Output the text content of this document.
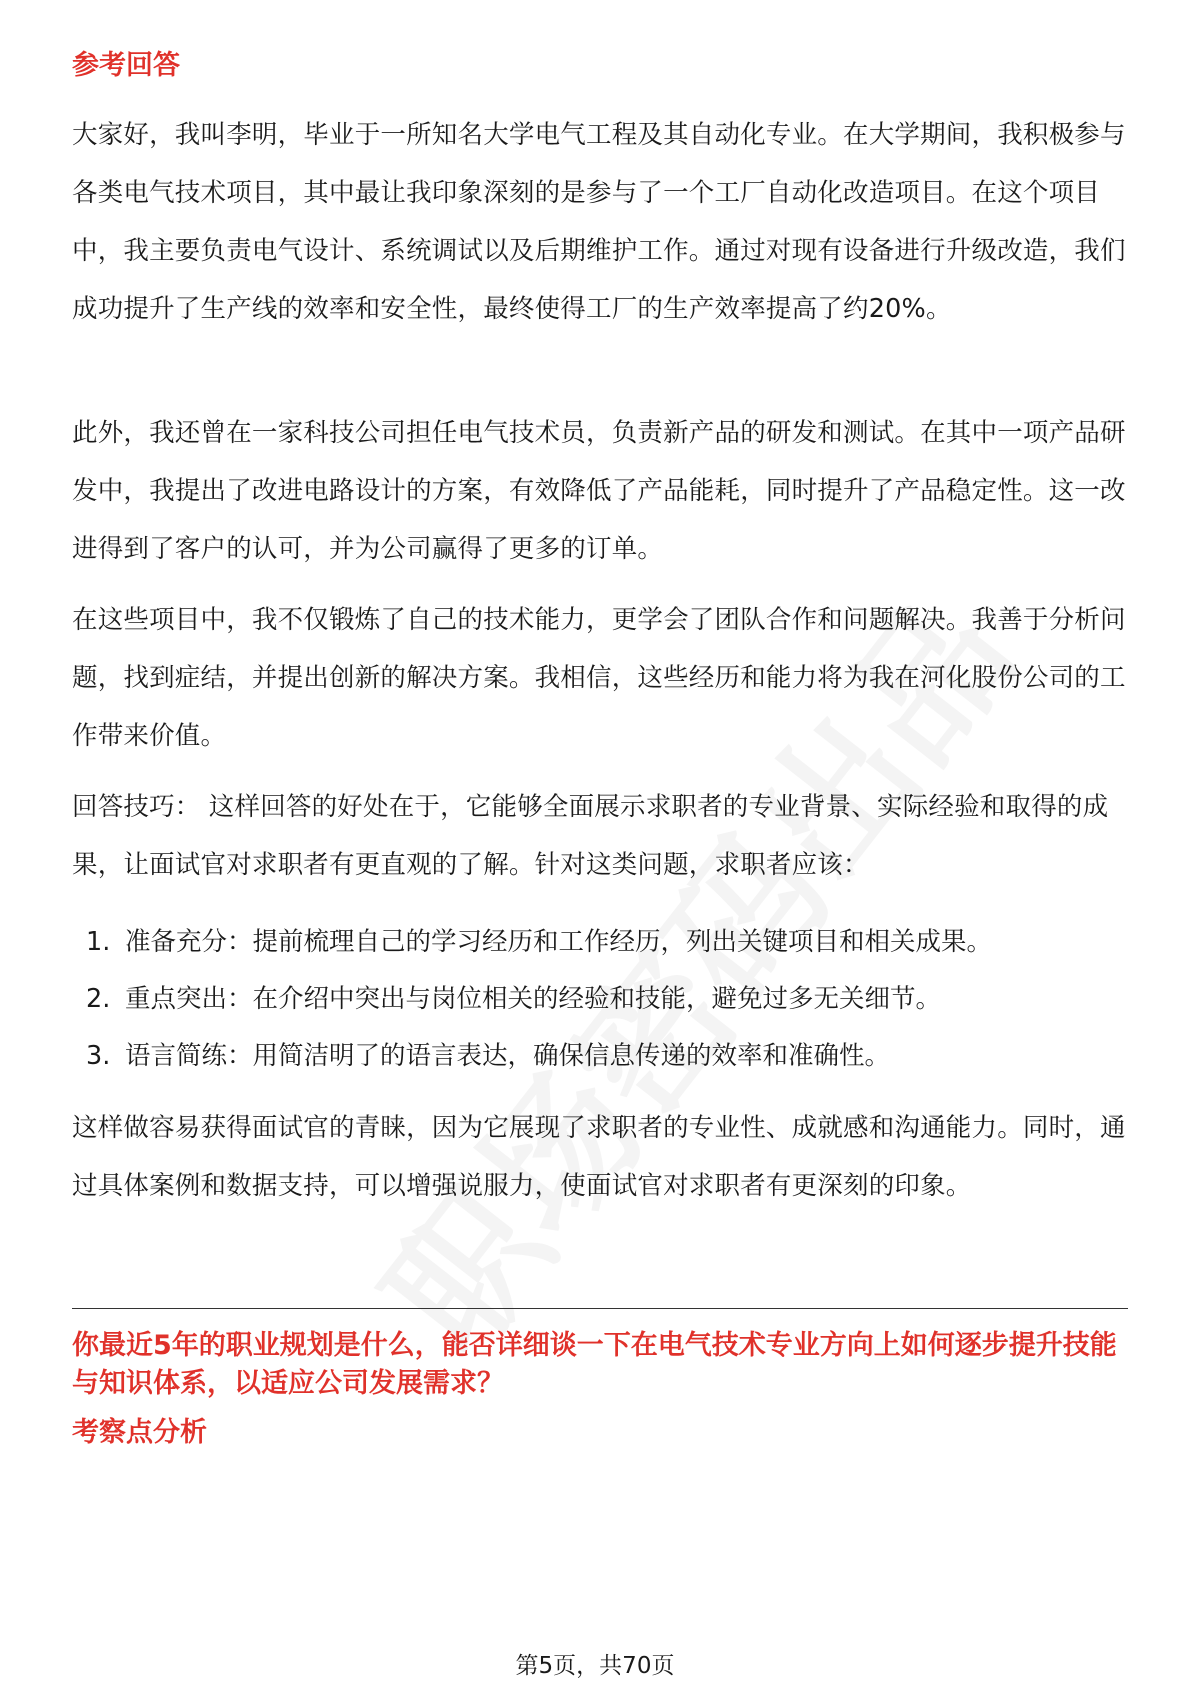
参考回答
大家好，我叫李明，毕业于一所知名大学电气工程及其自动化专业。在大学期间，我积极参与各类电气技术项目，其中最让我印象深刻的是参与了一个工厂自动化改造项目。在这个项目中，我主要负责电气设计、系统调试以及后期维护工作。通过对现有设备进行升级改造，我们成功提升了生产线的效率和安全性，最终使得工厂的生产效率提高了约20%。
此外，我还曾在一家科技公司担任电气技术员，负责新产品的研发和测试。在其中一项产品研发中，我提出了改进电路设计的方案，有效降低了产品能耗，同时提升了产品稳定性。这一改进得到了客户的认可，并为公司赢得了更多的订单。
在这些项目中，我不仅锻炼了自己的技术能力，更学会了团队合作和问题解决。我善于分析问题，找到症结，并提出创新的解决方案。我相信，这些经历和能力将为我在河化股份公司的工作带来价值。
回答技巧： 这样回答的好处在于，它能够全面展示求职者的专业背景、实际经验和取得的成果，让面试官对求职者有更直观的了解。针对这类问题，求职者应该：
1. 准备充分：提前梳理自己的学习经历和工作经历，列出关键项目和相关成果。
2. 重点突出：在介绍中突出与岗位相关的经验和技能，避免过多无关细节。
3. 语言简练：用简洁明了的语言表达，确保信息传递的效率和准确性。
这样做容易获得面试官的青睐，因为它展现了求职者的专业性、成就感和沟通能力。同时，通过具体案例和数据支持，可以增强说服力，使面试官对求职者有更深刻的印象。
你最近5年的职业规划是什么，能否详细谈一下在电气技术专业方向上如何逐步提升技能与知识体系，以适应公司发展需求？
考察点分析
第5页，共70页
